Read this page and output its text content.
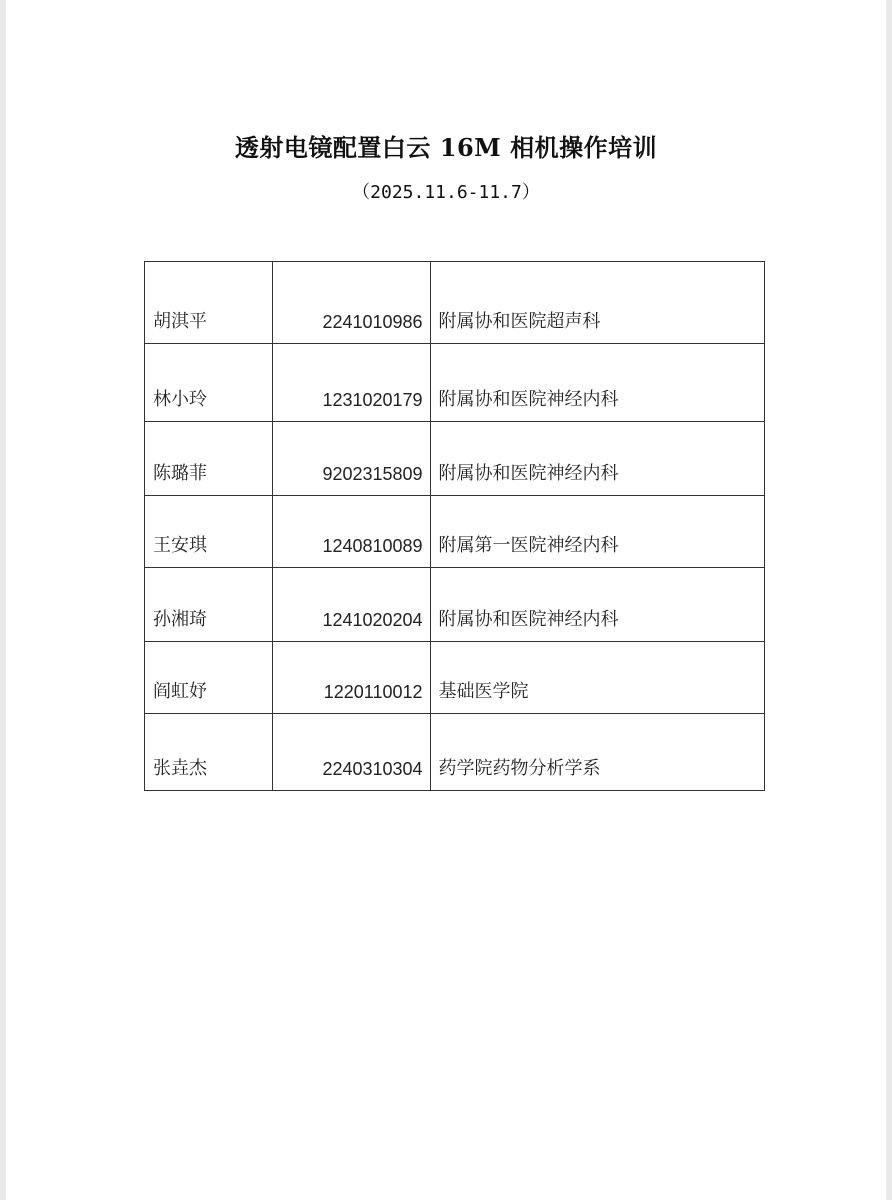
透射电镜配置白云 16M 相机操作培训
（2025.11.6-11.7）
胡淇平	2241010986	附属协和医院超声科
林小玲	1231020179	附属协和医院神经内科
陈璐菲	9202315809	附属协和医院神经内科
王安琪	1240810089	附属第一医院神经内科
孙湘琦	1241020204	附属协和医院神经内科
阎虹妤	1220110012	基础医学院
张垚杰	2240310304	药学院药物分析学系
